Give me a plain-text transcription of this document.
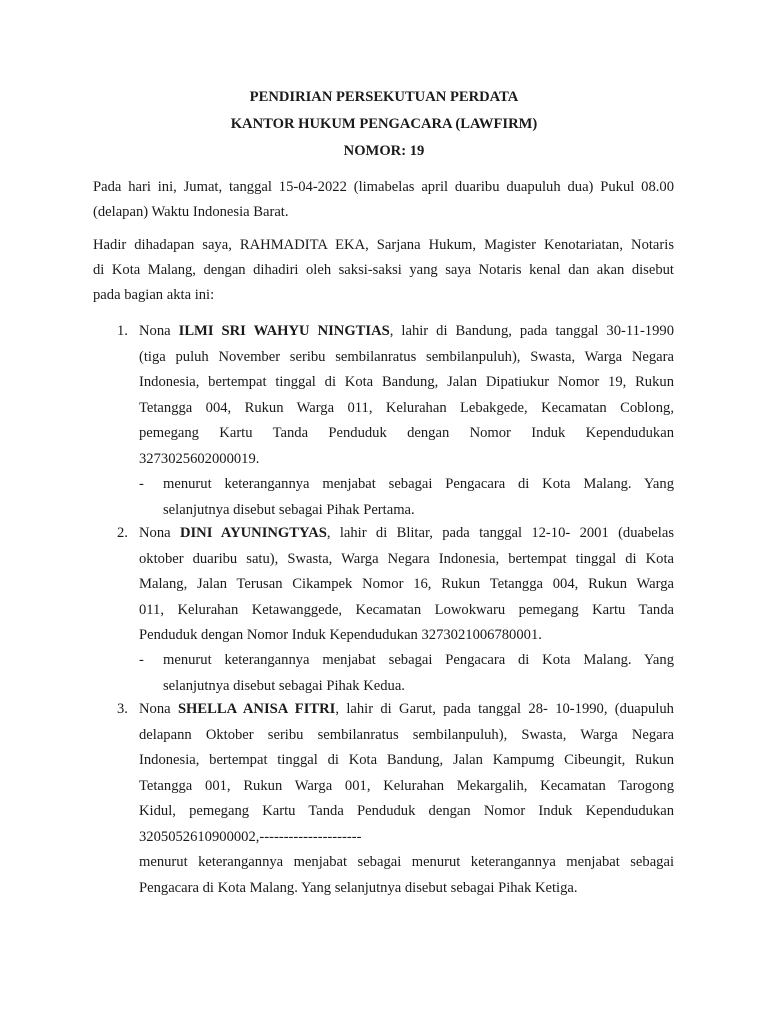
PENDIRIAN PERSEKUTUAN PERDATA
KANTOR HUKUM PENGACARA (LAWFIRM)
NOMOR: 19
Pada hari ini, Jumat, tanggal 15-04-2022 (limabelas april duaribu duapuluh dua) Pukul 08.00
(delapan) Waktu Indonesia Barat.
Hadir dihadapan saya, RAHMADITA EKA, Sarjana Hukum, Magister Kenotariatan, Notaris
di Kota Malang, dengan dihadiri oleh saksi-saksi yang saya Notaris kenal dan akan disebut
pada bagian akta ini:
1. Nona ILMI SRI WAHYU NINGTIAS, lahir di Bandung, pada tanggal 30-11-1990
(tiga puluh November seribu sembilanratus sembilanpuluh), Swasta, Warga Negara
Indonesia, bertempat tinggal di Kota Bandung, Jalan Dipatiukur Nomor 19, Rukun
Tetangga 004, Rukun Warga 011, Kelurahan Lebakgede, Kecamatan Coblong,
pemegang Kartu Tanda Penduduk dengan Nomor Induk Kependudukan
3273025602000019.
- menurut keterangannya menjabat sebagai Pengacara di Kota Malang. Yang
selanjutnya disebut sebagai Pihak Pertama.
2. Nona DINI AYUNINGTYAS, lahir di Blitar, pada tanggal 12-10- 2001 (duabelas
oktober duaribu satu), Swasta, Warga Negara Indonesia, bertempat tinggal di Kota
Malang, Jalan Terusan Cikampek Nomor 16, Rukun Tetangga 004, Rukun Warga
011, Kelurahan Ketawanggede, Kecamatan Lowokwaru pemegang Kartu Tanda
Penduduk dengan Nomor Induk Kependudukan 3273021006780001.
- menurut keterangannya menjabat sebagai Pengacara di Kota Malang. Yang
selanjutnya disebut sebagai Pihak Kedua.
3. Nona SHELLA ANISA FITRI, lahir di Garut, pada tanggal 28- 10-1990, (duapuluh
delapann Oktober seribu sembilanratus sembilanpuluh), Swasta, Warga Negara
Indonesia, bertempat tinggal di Kota Bandung, Jalan Kampumg Cibeungit, Rukun
Tetangga 001, Rukun Warga 001, Kelurahan Mekargalih, Kecamatan Tarogong
Kidul, pemegang Kartu Tanda Penduduk dengan Nomor Induk Kependudukan
3205052610900002,---------------------
menurut keterangannya menjabat sebagai menurut keterangannya menjabat sebagai
Pengacara di Kota Malang. Yang selanjutnya disebut sebagai Pihak Ketiga.
